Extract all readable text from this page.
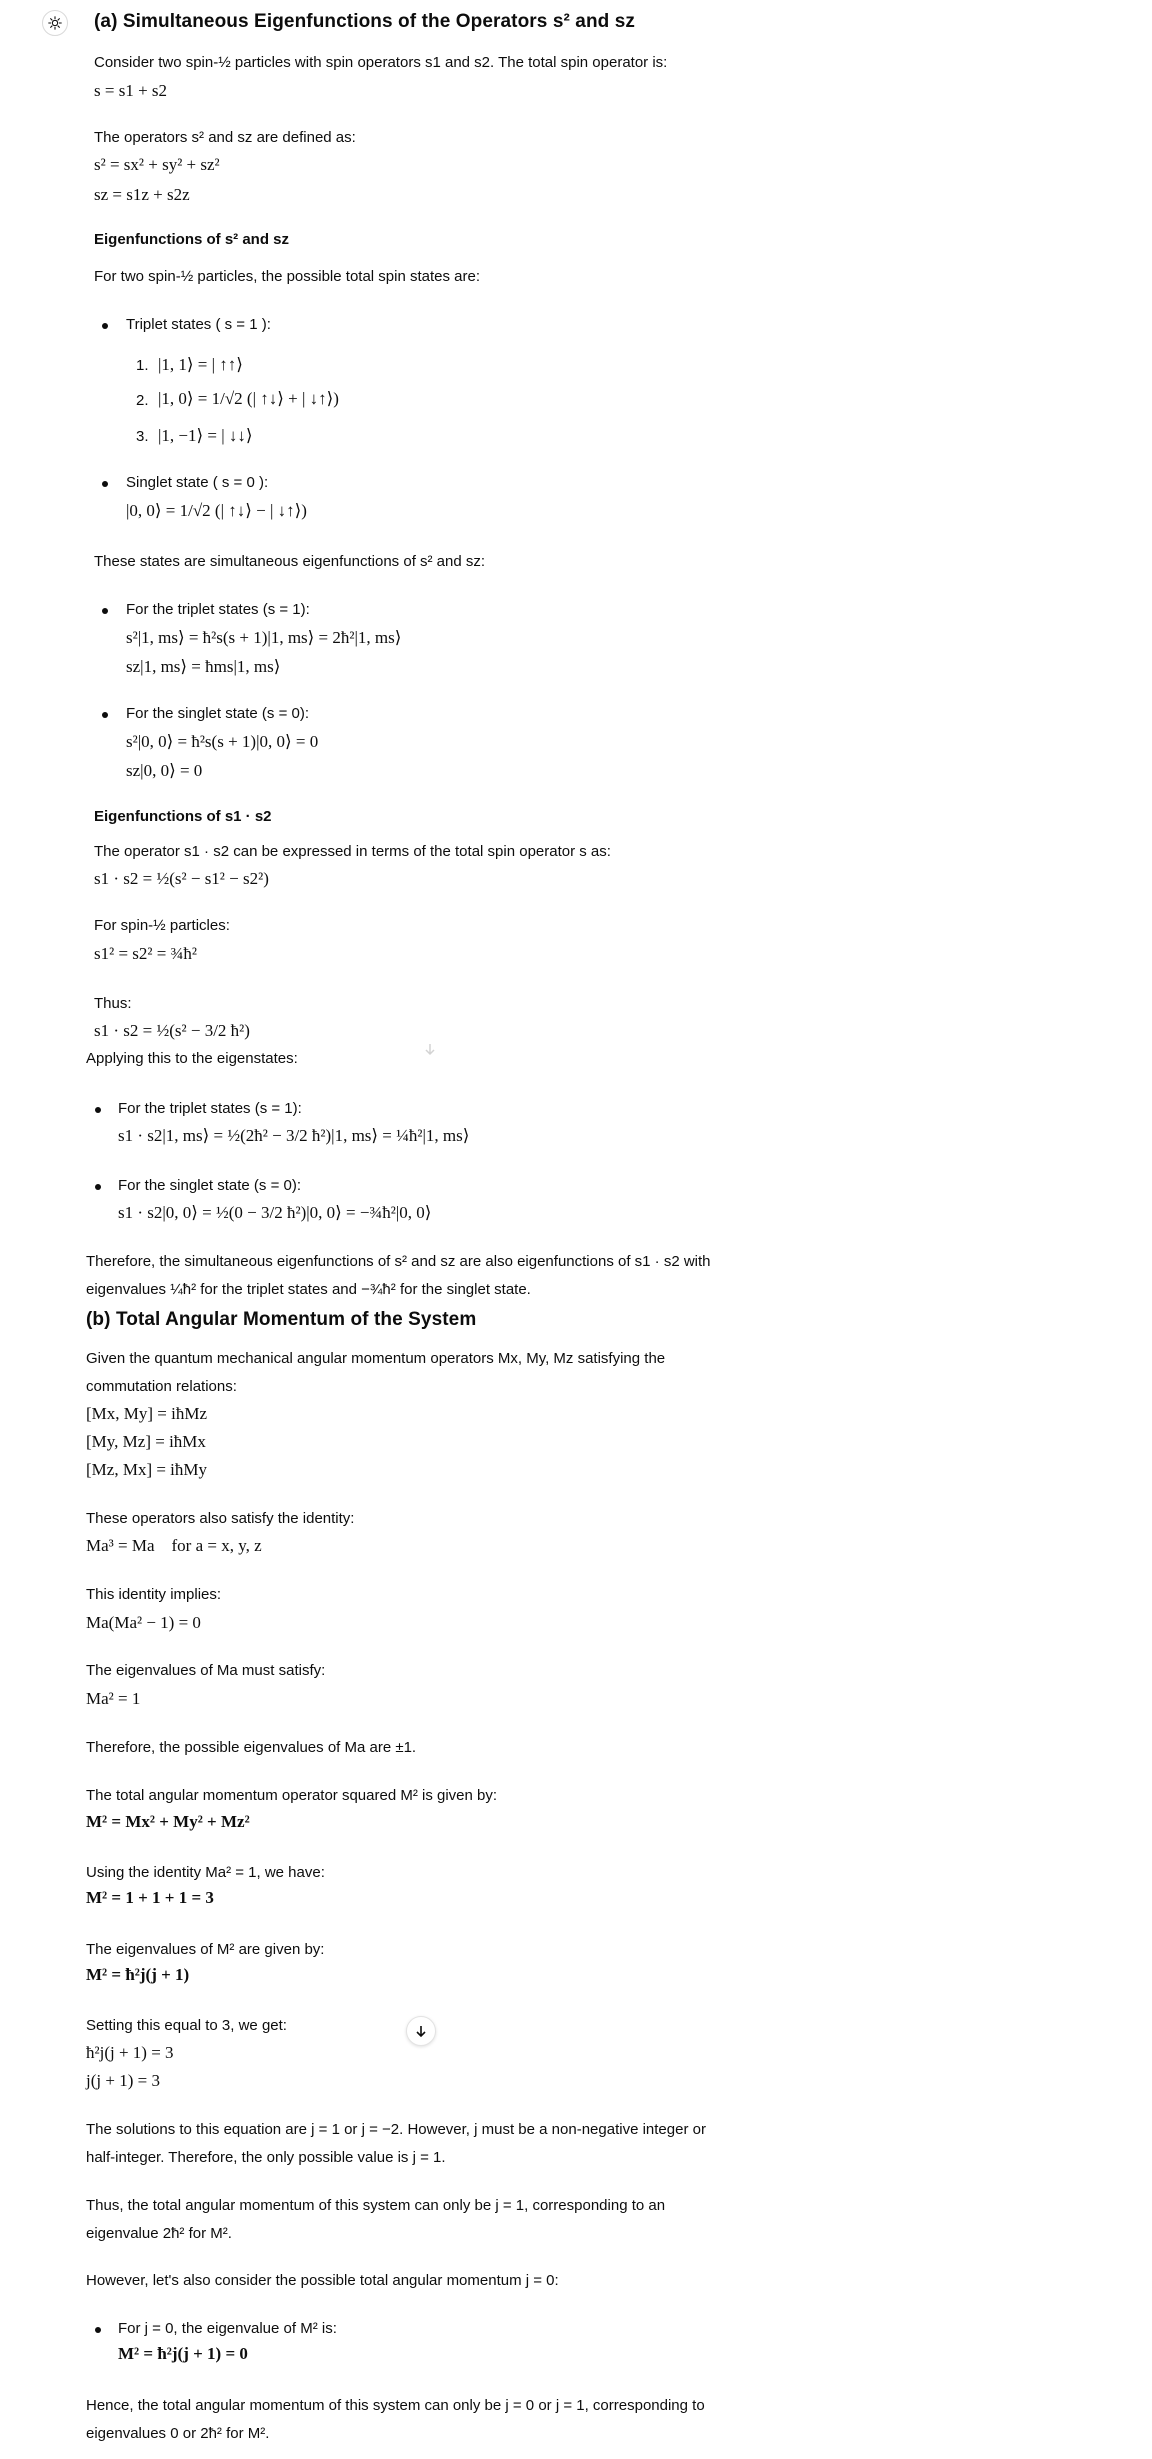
(a) Simultaneous Eigenfunctions of the Operators s² and sz
Consider two spin-½ particles with spin operators s1 and s2. The total spin operator is:
s = s1 + s2
The operators s² and sz are defined as:
s² = sx² + sy² + sz²
sz = s1z + s2z
Eigenfunctions of s² and sz
For two spin-½ particles, the possible total spin states are:
Triplet states ( s = 1 ):
1. |1, 1⟩ = | ↑↑⟩
2. |1, 0⟩ = 1/√2 (| ↑↓⟩ + | ↓↑⟩)
3. |1, −1⟩ = | ↓↓⟩
Singlet state ( s = 0 ):
|0, 0⟩ = 1/√2 (| ↑↓⟩ − | ↓↑⟩)
These states are simultaneous eigenfunctions of s² and sz:
For the triplet states (s = 1):
s²|1, ms⟩ = ħ²s(s + 1)|1, ms⟩ = 2ħ²|1, ms⟩
sz|1, ms⟩ = ħms|1, ms⟩
For the singlet state (s = 0):
s²|0, 0⟩ = ħ²s(s + 1)|0, 0⟩ = 0
sz|0, 0⟩ = 0
Eigenfunctions of s1 · s2
The operator s1 · s2 can be expressed in terms of the total spin operator s as:
s1 · s2 = ½(s² − s1² − s2²)
For spin-½ particles:
s1² = s2² = ¾ħ²
Thus:
s1 · s2 = ½(s² − 3/2 ħ²)
Applying this to the eigenstates:
For the triplet states (s = 1):
s1 · s2|1, ms⟩ = ½(2ħ² − 3/2 ħ²)|1, ms⟩ = ¼ħ²|1, ms⟩
For the singlet state (s = 0):
s1 · s2|0, 0⟩ = ½(0 − 3/2 ħ²)|0, 0⟩ = −¾ħ²|0, 0⟩
Therefore, the simultaneous eigenfunctions of s² and sz are also eigenfunctions of s1 · s2 with
eigenvalues ¼ħ² for the triplet states and −¾ħ² for the singlet state.
(b) Total Angular Momentum of the System
Given the quantum mechanical angular momentum operators Mx, My, Mz satisfying the
commutation relations:
[Mx, My] = iħMz
[My, Mz] = iħMx
[Mz, Mx] = iħMy
These operators also satisfy the identity:
Ma³ = Ma    for a = x, y, z
This identity implies:
Ma(Ma² − 1) = 0
The eigenvalues of Ma must satisfy:
Ma² = 1
Therefore, the possible eigenvalues of Ma are ±1.
The total angular momentum operator squared M² is given by:
M² = Mx² + My² + Mz²
Using the identity Ma² = 1, we have:
M² = 1 + 1 + 1 = 3
The eigenvalues of M² are given by:
M² = ħ²j(j + 1)
Setting this equal to 3, we get:
ħ²j(j + 1) = 3
j(j + 1) = 3
The solutions to this equation are j = 1 or j = −2. However, j must be a non-negative integer or
half-integer. Therefore, the only possible value is j = 1.
Thus, the total angular momentum of this system can only be j = 1, corresponding to an
eigenvalue 2ħ² for M².
However, let's also consider the possible total angular momentum j = 0:
For j = 0, the eigenvalue of M² is:
M² = ħ²j(j + 1) = 0
Hence, the total angular momentum of this system can only be j = 0 or j = 1, corresponding to
eigenvalues 0 or 2ħ² for M².
